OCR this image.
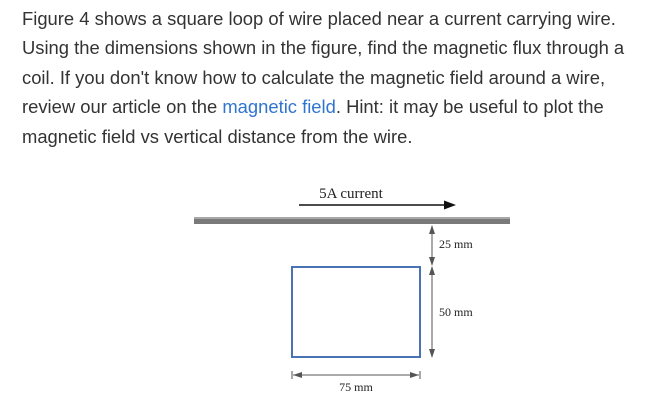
Figure 4 shows a square loop of wire placed near a current carrying wire. Using the dimensions shown in the figure, find the magnetic flux through a coil. If you don't know how to calculate the magnetic field around a wire, review our article on the magnetic field. Hint: it may be useful to plot the magnetic field vs vertical distance from the wire.

5A current
25 mm
50 mm
75 mm
